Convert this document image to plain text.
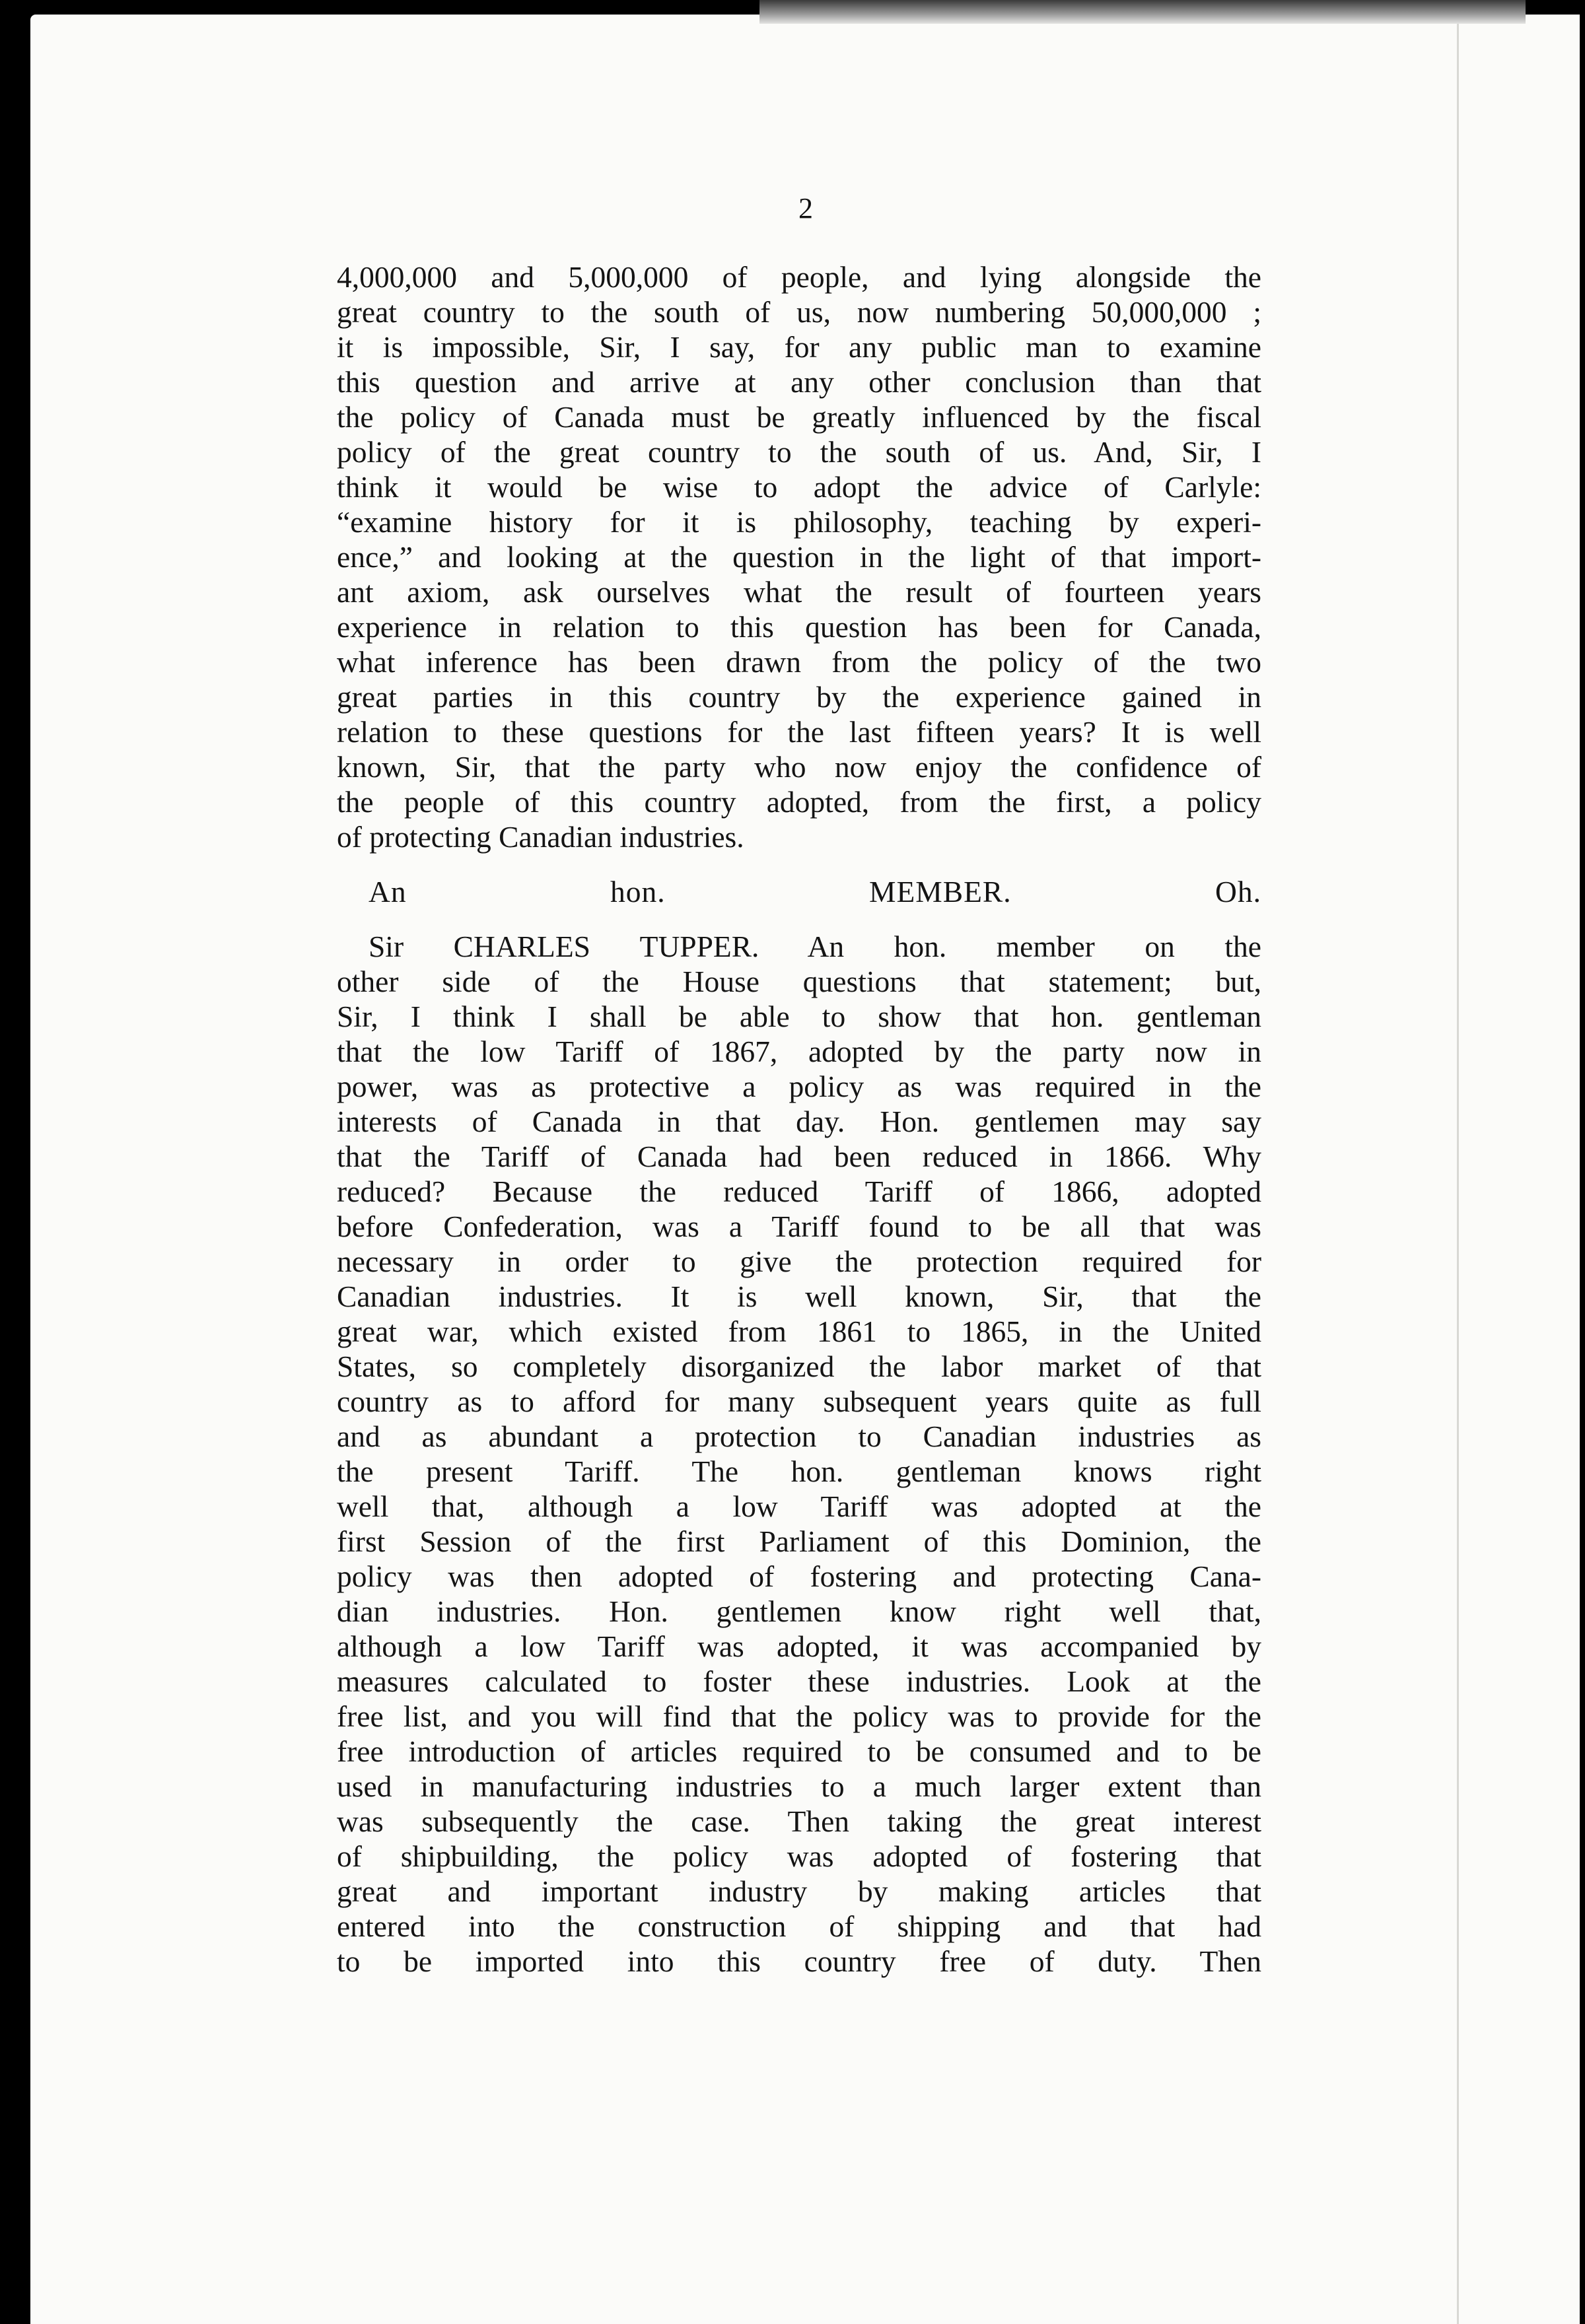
2
4,000,000 and 5,000,000 of people, and lying alongside the
great country to the south of us, now numbering 50,000,000 ;
it is impossible, Sir, I say, for any public man to examine
this question and arrive at any other conclusion than that
the policy of Canada must be greatly influenced by the fiscal
policy of the great country to the south of us. And, Sir, I
think it would be wise to adopt the advice of Carlyle:
“examine history for it is philosophy, teaching by experi-
ence,” and looking at the question in the light of that import-
ant axiom, ask ourselves what the result of fourteen years
experience in relation to this question has been for Canada,
what inference has been drawn from the policy of the two
great parties in this country by the experience gained in
relation to these questions for the last fifteen years? It is well
known, Sir, that the party who now enjoy the confidence of
the people of this country adopted, from the first, a policy
of protecting Canadian industries.
An hon. MEMBER. Oh.
Sir CHARLES TUPPER. An hon. member on the
other side of the House questions that statement; but,
Sir, I think I shall be able to show that hon. gentleman
that the low Tariff of 1867, adopted by the party now in
power, was as protective a policy as was required in the
interests of Canada in that day. Hon. gentlemen may say
that the Tariff of Canada had been reduced in 1866. Why
reduced? Because the reduced Tariff of 1866, adopted
before Confederation, was a Tariff found to be all that was
necessary in order to give the protection required for
Canadian industries. It is well known, Sir, that the
great war, which existed from 1861 to 1865, in the United
States, so completely disorganized the labor market of that
country as to afford for many subsequent years quite as full
and as abundant a protection to Canadian industries as
the present Tariff. The hon. gentleman knows right
well that, although a low Tariff was adopted at the
first Session of the first Parliament of this Dominion, the
policy was then adopted of fostering and protecting Cana-
dian industries. Hon. gentlemen know right well that,
although a low Tariff was adopted, it was accompanied by
measures calculated to foster these industries. Look at the
free list, and you will find that the policy was to provide for the
free introduction of articles required to be consumed and to be
used in manufacturing industries to a much larger extent than
was subsequently the case. Then taking the great interest
of shipbuilding, the policy was adopted of fostering that
great and important industry by making articles that
entered into the construction of shipping and that had
to be imported into this country free of duty. Then
